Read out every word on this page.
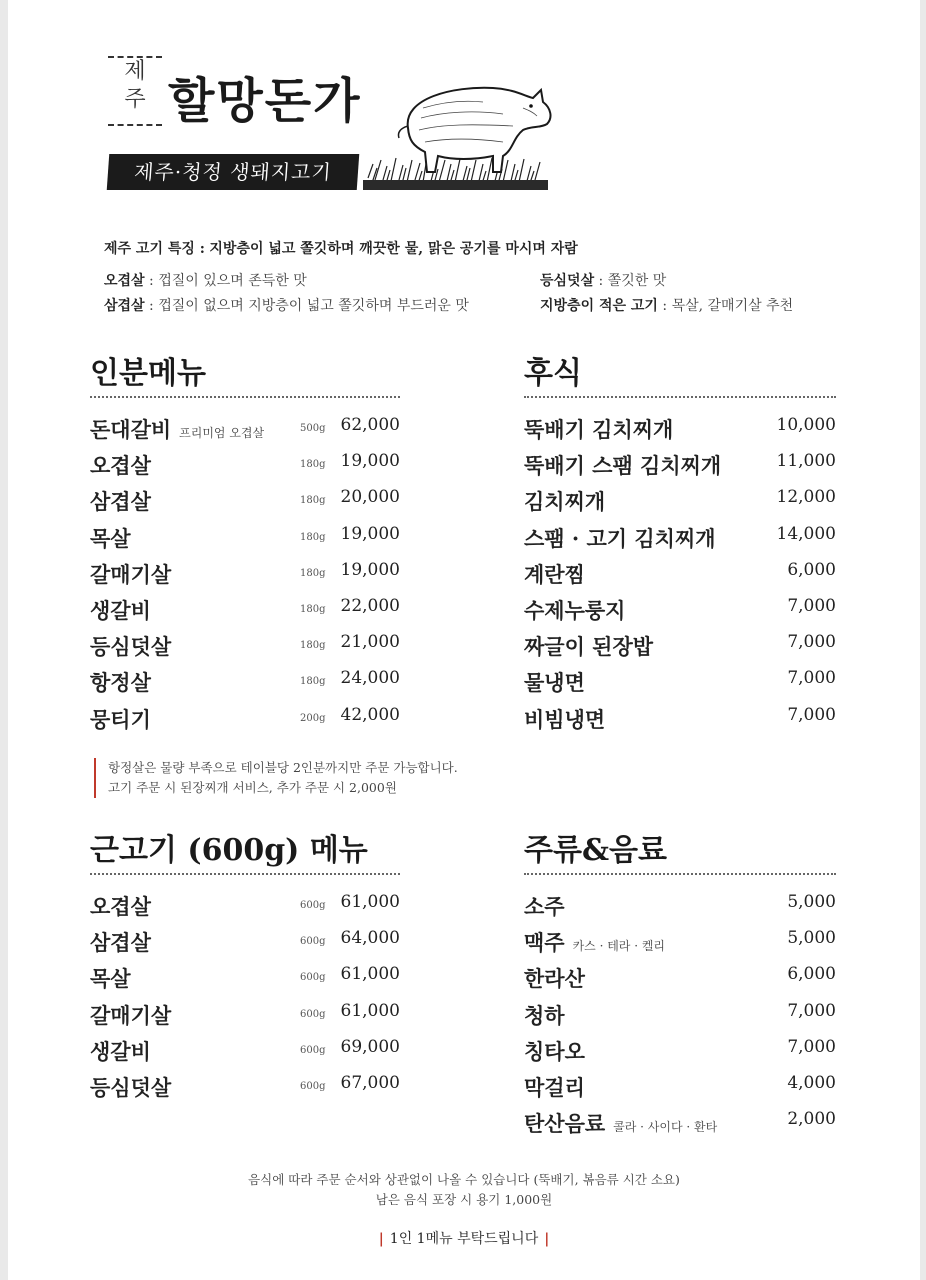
제
주 할망돈가
제주·청정 생돼지고기
제주 고기 특징 : 지방층이 넓고 쫄깃하며 깨끗한 물, 맑은 공기를 마시며 자람
오겹살 : 껍질이 있으며 존득한 맛	등심덧살 : 쫄깃한 맛
삼겹살 : 껍질이 없으며 지방층이 넓고 쫄깃하며 부드러운 맛	지방층이 적은 고기 : 목살, 갈매기살 추천
인분메뉴
돈대갈비 프리미엄 오겹살	500g 62,000
오겹살	180g 19,000
삼겹살	180g 20,000
목살	180g 19,000
갈매기살	180g 19,000
생갈비	180g 22,000
등심덧살	180g 21,000
항정살	180g 24,000
뭉티기	200g 42,000
후식
뚝배기 김치찌개	10,000
뚝배기 스팸 김치찌개	11,000
김치찌개	12,000
스팸 · 고기 김치찌개	14,000
계란찜	6,000
수제누룽지	7,000
짜글이 된장밥	7,000
물냉면	7,000
비빔냉면	7,000
근고기 (600g) 메뉴
오겹살	600g 61,000
삼겹살	600g 64,000
목살	600g 61,000
갈매기살	600g 61,000
생갈비	600g 69,000
등심덧살	600g 67,000
주류&음료
소주	5,000
맥주 카스 · 테라 · 켈리	5,000
한라산	6,000
청하	7,000
칭타오	7,000
막걸리	4,000
탄산음료 콜라 · 사이다 · 환타	2,000
항정살은 물량 부족으로 테이블당 2인분까지만 주문 가능합니다.
고기 주문 시 된장찌개 서비스, 추가 주문 시 2,000원
음식에 따라 주문 순서와 상관없이 나올 수 있습니다 (뚝배기, 볶음류 시간 소요)
남은 음식 포장 시 용기 1,000원
| 1인 1메뉴 부탁드립니다 |
